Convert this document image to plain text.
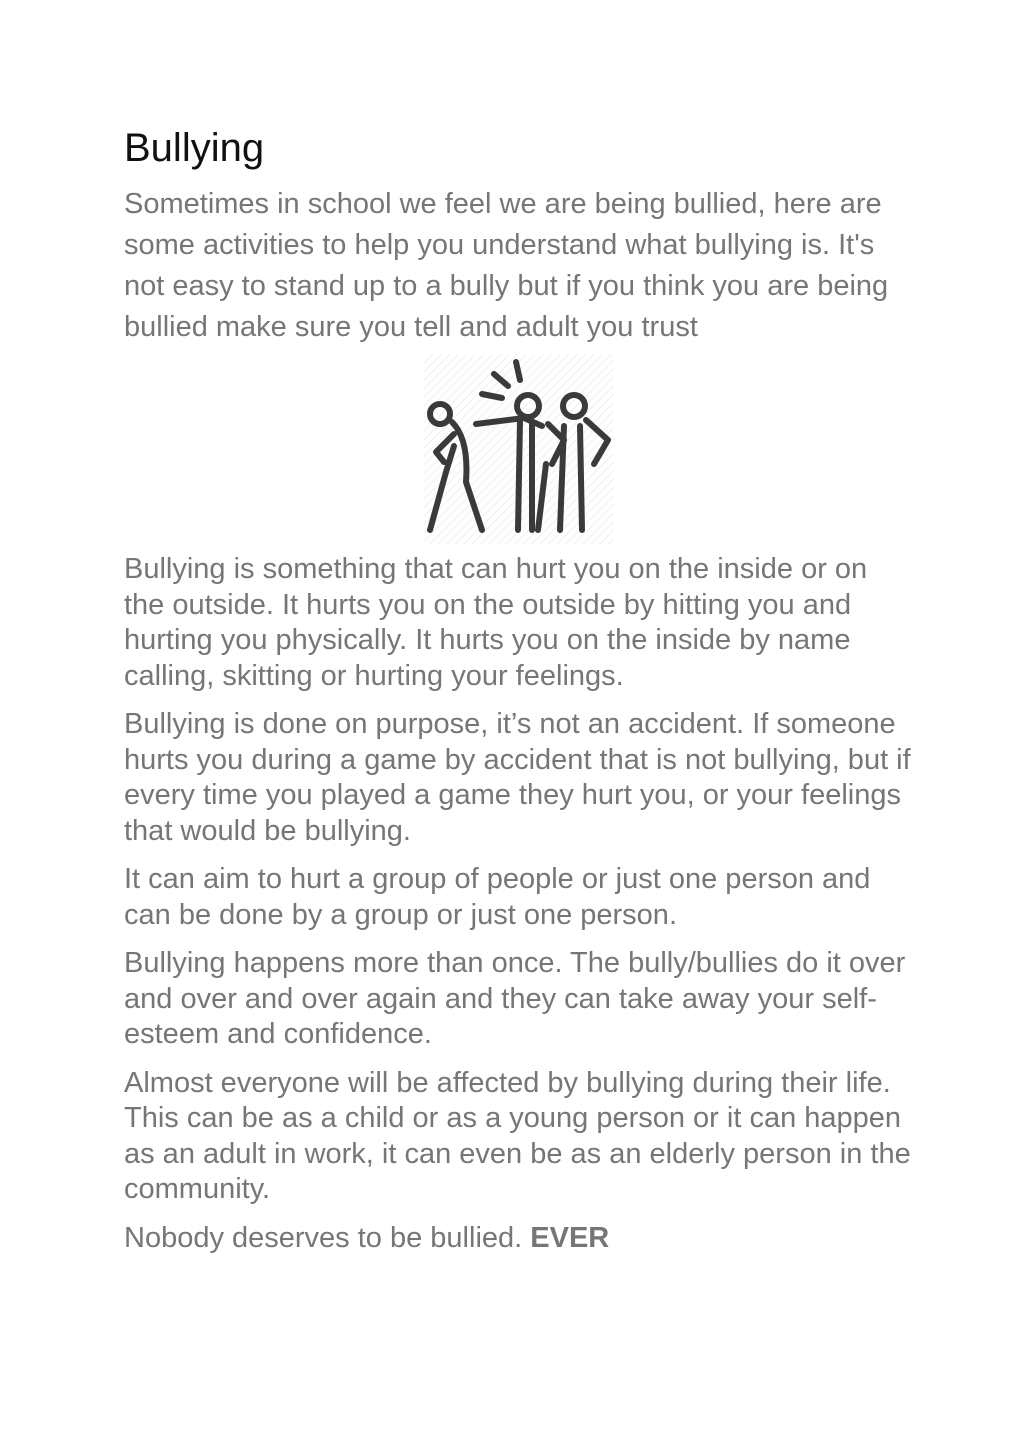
Bullying

Sometimes in school we feel we are being bullied, here are some activities to help you understand what bullying is. It's not easy to stand up to a bully but if you think you are being bullied make sure you tell and adult you trust

Bullying is something that can hurt you on the inside or on the outside. It hurts you on the outside by hitting you and hurting you physically. It hurts you on the inside by name calling, skitting or hurting your feelings.

Bullying is done on purpose, it’s not an accident. If someone hurts you during a game by accident that is not bullying, but if every time you played a game they hurt you, or your feelings that would be bullying.

It can aim to hurt a group of people or just one person and can be done by a group or just one person.

Bullying happens more than once. The bully/bullies do it over and over and over again and they can take away your self-esteem and confidence.

Almost everyone will be affected by bullying during their life. This can be as a child or as a young person or it can happen as an adult in work, it can even be as an elderly person in the community.

Nobody deserves to be bullied. EVER
